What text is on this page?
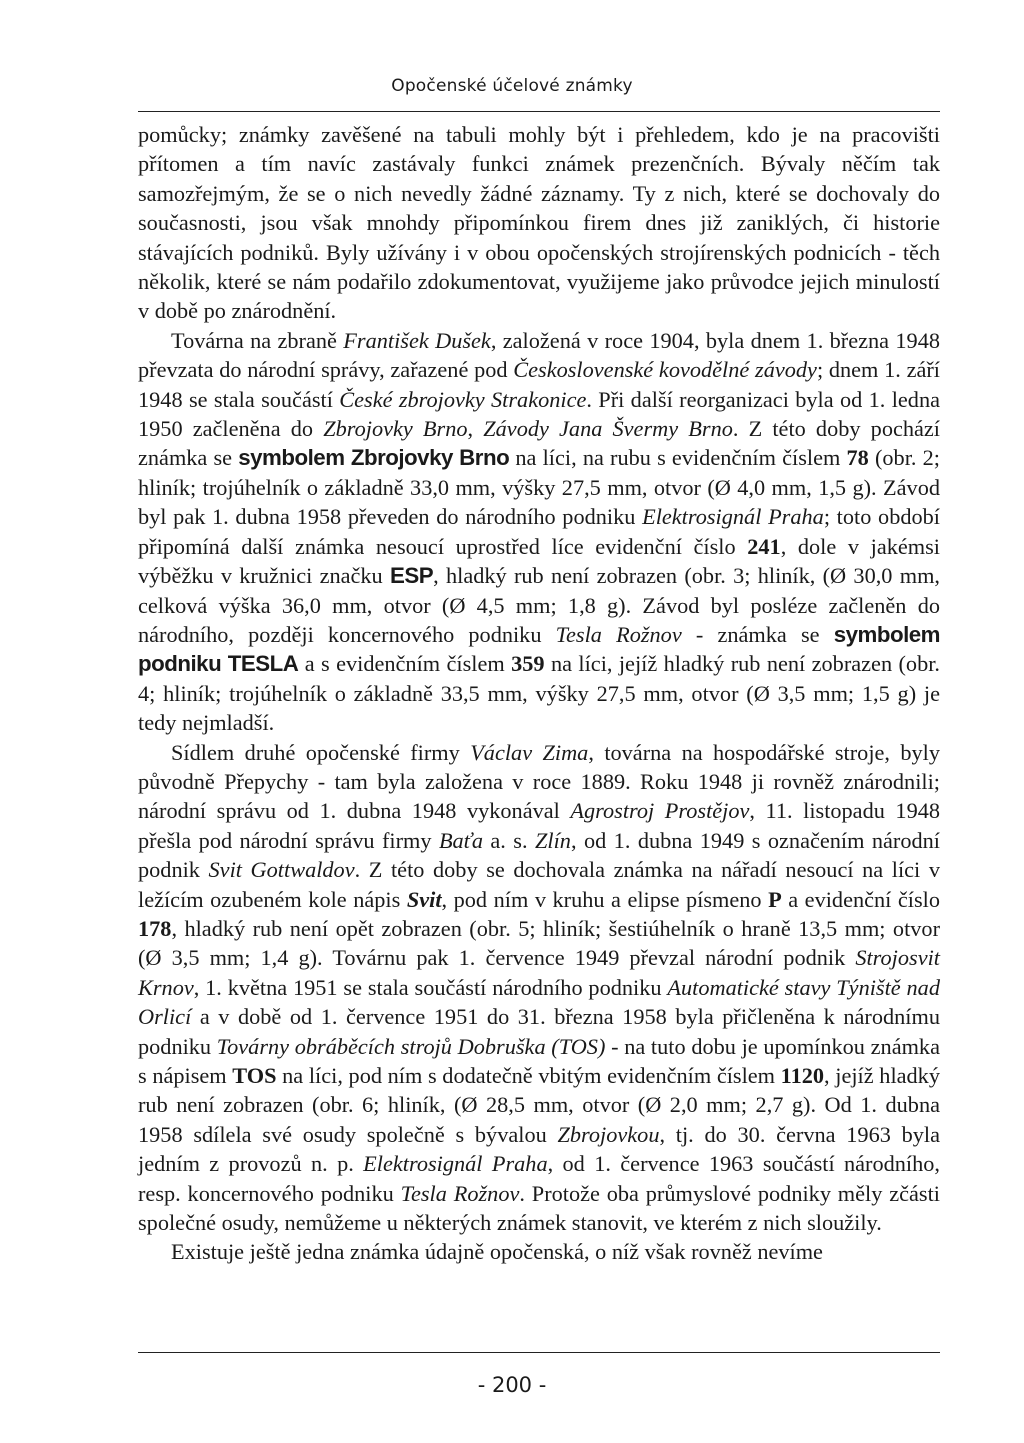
Opočenské účelové známky

pomůcky; známky zavěšené na tabuli mohly být i přehledem, kdo je na pracovišti přítomen a tím navíc zastávaly funkci známek prezenčních. Bývaly něčím tak samozřejmým, že se o nich nevedly žádné záznamy. Ty z nich, které se dochovaly do současnosti, jsou však mnohdy připomínkou firem dnes již zaniklých, či historie stávajících podniků. Byly užívány i v obou opočenských strojírenských podnicích - těch několik, které se nám podařilo zdokumentovat, využijeme jako průvodce jejich minulostí v době po znárodnění.

Továrna na zbraně František Dušek, založená v roce 1904, byla dnem 1. března 1948 převzata do národní správy, zařazené pod Československé kovodělné závody; dnem 1. září 1948 se stala součástí České zbrojovky Strakonice. Při další reorganizaci byla od 1. ledna 1950 začleněna do Zbrojovky Brno, Závody Jana Švermy Brno. Z této doby pochází známka se symbolem Zbrojovky Brno na líci, na rubu s evidenčním číslem 78 (obr. 2; hliník; trojúhelník o základně 33,0 mm, výšky 27,5 mm, otvor (Ø 4,0 mm, 1,5 g). Závod byl pak 1. dubna 1958 převeden do národního podniku Elektrosignál Praha; toto období připomíná další známka nesoucí uprostřed líce evidenční číslo 241, dole v jakémsi výběžku v kružnici značku ESP, hladký rub není zobrazen (obr. 3; hliník, (Ø 30,0 mm, celková výška 36,0 mm, otvor (Ø 4,5 mm; 1,8 g). Závod byl posléze začleněn do národního, později koncernového podniku Tesla Rožnov - známka se symbolem podniku TESLA a s evidenčním číslem 359 na líci, jejíž hladký rub není zobrazen (obr. 4; hliník; trojúhelník o základně 33,5 mm, výšky 27,5 mm, otvor (Ø 3,5 mm; 1,5 g) je tedy nejmladší.

Sídlem druhé opočenské firmy Václav Zima, továrna na hospodářské stroje, byly původně Přepychy - tam byla založena v roce 1889. Roku 1948 ji rovněž znárodnili; národní správu od 1. dubna 1948 vykonával Agrostroj Prostějov, 11. listopadu 1948 přešla pod národní správu firmy Baťa a. s. Zlín, od 1. dubna 1949 s označením národní podnik Svit Gottwaldov. Z této doby se dochovala známka na nářadí nesoucí na líci v ležícím ozubeném kole nápis Svit, pod ním v kruhu a elipse písmeno P a evidenční číslo 178, hladký rub není opět zobrazen (obr. 5; hliník; šestiúhelník o hraně 13,5 mm; otvor (Ø 3,5 mm; 1,4 g). Továrnu pak 1. července 1949 převzal národní podnik Strojosvit Krnov, 1. května 1951 se stala součástí národního podniku Automatické stavy Týniště nad Orlicí a v době od 1. července 1951 do 31. března 1958 byla přičleněna k národnímu podniku Továrny obráběcích strojů Dobruška (TOS) - na tuto dobu je upomínkou známka s nápisem TOS na líci, pod ním s dodatečně vbitým evidenčním číslem 1120, jejíž hladký rub není zobrazen (obr. 6; hliník, (Ø 28,5 mm, otvor (Ø 2,0 mm; 2,7 g). Od 1. dubna 1958 sdílela své osudy společně s bývalou Zbrojovkou, tj. do 30. června 1963 byla jedním z provozů n. p. Elektrosignál Praha, od 1. července 1963 součástí národního, resp. koncernového podniku Tesla Rožnov. Protože oba průmyslové podniky měly zčásti společné osudy, nemůžeme u některých známek stanovit, ve kterém z nich sloužily.

Existuje ještě jedna známka údajně opočenská, o níž však rovněž nevíme

- 200 -
